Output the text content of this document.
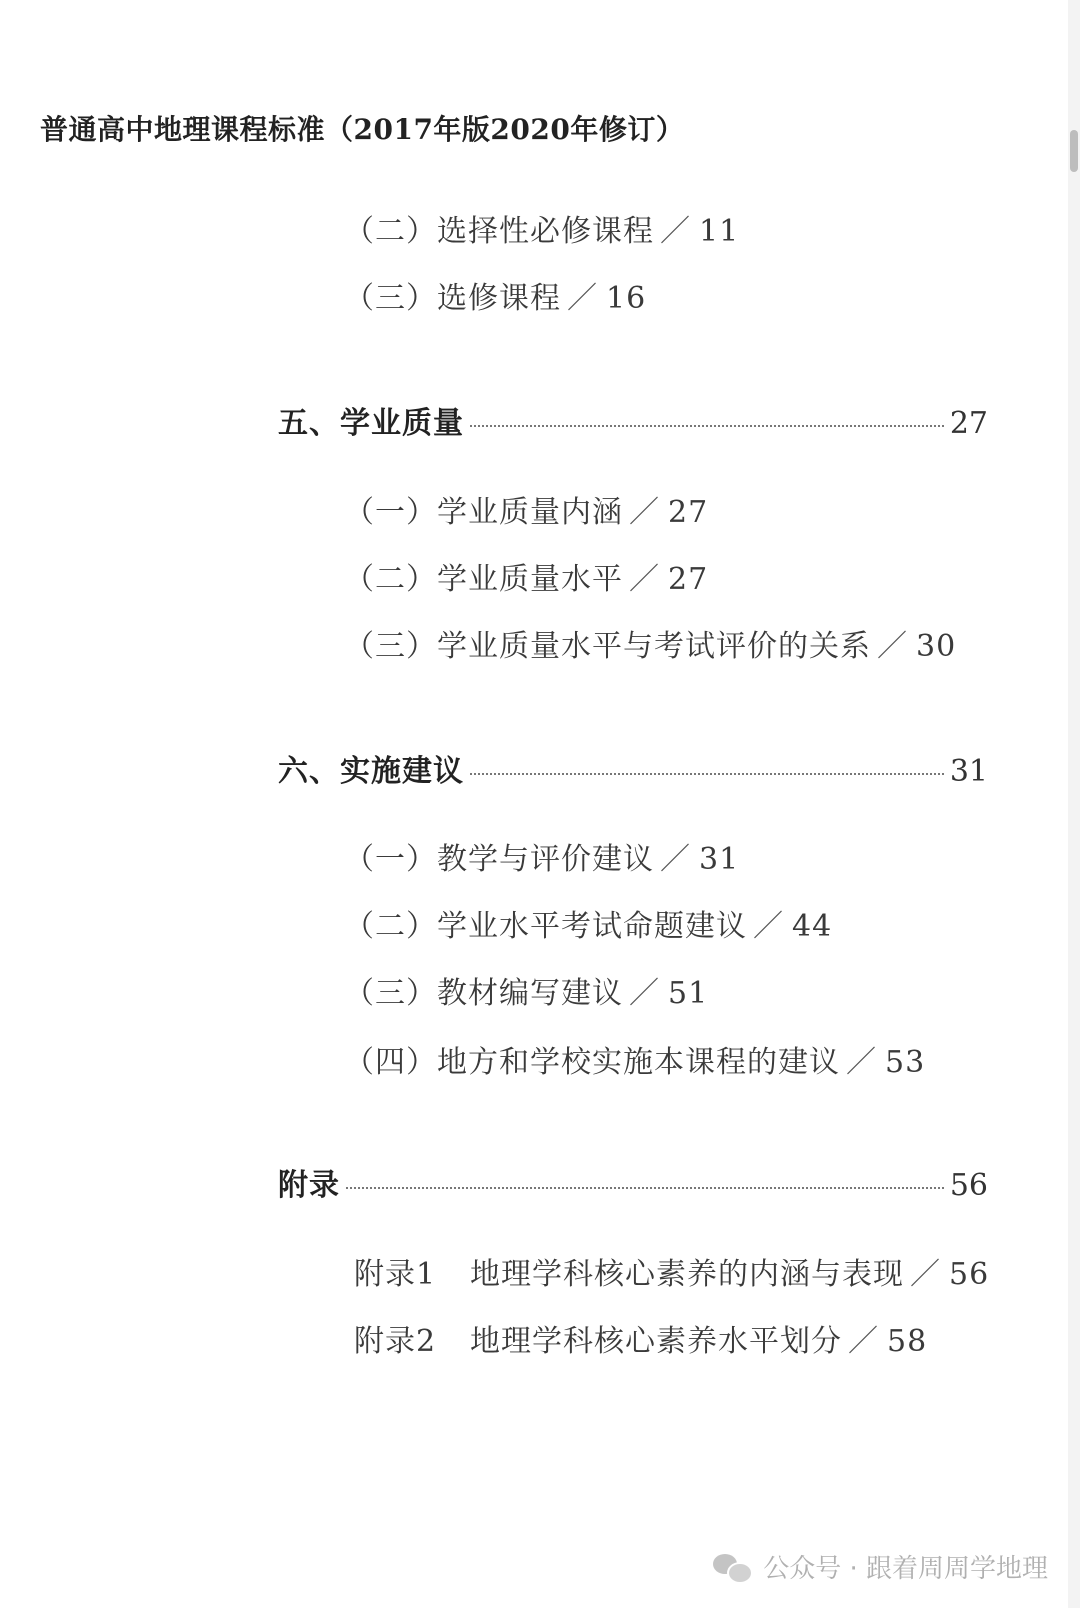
普通高中地理课程标准（2017年版2020年修订）
（二）选择性必修课程 ／ 11
（三）选修课程 ／ 16
五、学业质量	27
（一）学业质量内涵 ／ 27
（二）学业质量水平 ／ 27
（三）学业质量水平与考试评价的关系 ／ 30
六、实施建议	31
（一）教学与评价建议 ／ 31
（二）学业水平考试命题建议 ／ 44
（三）教材编写建议 ／ 51
（四）地方和学校实施本课程的建议 ／ 53
附录	56
附录1 地理学科核心素养的内涵与表现 ／ 56
附录2 地理学科核心素养水平划分 ／ 58
公众号 · 跟着周周学地理
